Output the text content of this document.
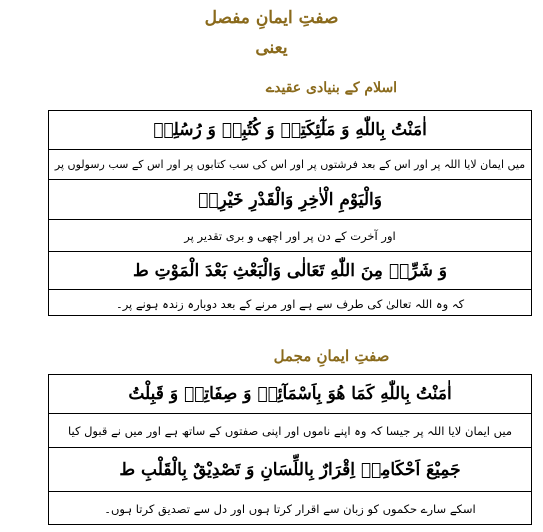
صفتِ ایمانِ مفصل
یعنی
اسلام کے بنیادی عقیدے
اٰمَنْتُ بِاللّٰهِ وَ مَلٰٓئِکَتِهٖ وَ کُتُبِهٖ وَ رُسُلِهٖ
میں ایمان لایا اللہ پر اور اس کے بعد فرشتوں پر اور اس کی سب کتابوں پر اور اس کے سب رسولوں پر
وَالْیَوْمِ الْاٰخِرِ وَالْقَدْرِ خَیْرِهٖ
اور آخرت کے دن پر اور اچھی و بری تقدیر پر
وَ شَرِّهٖ مِنَ اللّٰهِ تَعَالٰی وَالْبَعْثِ بَعْدَ الْمَوْتِ ط
کہ وہ اللہ تعالیٰ کی طرف سے ہے اور مرنے کے بعد دوبارہ زندہ ہونے پر۔
صفتِ ایمانِ مجمل
اٰمَنْتُ بِاللّٰهِ کَمَا هُوَ بِاَسْمَآئِهٖ وَ صِفَاتِهٖ وَ قَبِلْتُ
میں ایمان لایا اللہ پر جیسا کہ وہ اپنے ناموں اور اپنی صفتوں کے ساتھ ہے اور میں نے قبول کیا
جَمِیْعَ اَحْکَامِهٖ اِقْرَارٌ بِاللِّسَانِ وَ تَصْدِیْقٌ بِالْقَلْبِ ط
اسکے سارے حکموں کو زبان سے اقرار کرتا ہوں اور دل سے تصدیق کرتا ہوں۔
